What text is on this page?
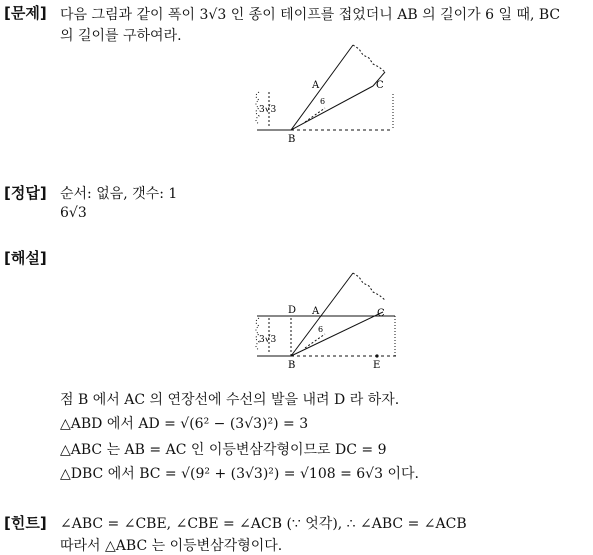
[문제] 다음 그림과 같이 폭이 3√3 인 종이 테이프를 접었더니 AB 의 길이가 6 일 때, BC
의 길이를 구하여라.
A	C
B
6
3√3
[정답] 순서: 없음, 갯수: 1
6√3
[해설]
D A	C
B	E
6
3√3
점 B 에서 AC 의 연장선에 수선의 발을 내려 D 라 하자.
△ABD 에서 AD = √(6² − (3√3)²) = 3
△ABC 는 AB = AC 인 이등변삼각형이므로 DC = 9
△DBC 에서 BC = √(9² + (3√3)²) = √108 = 6√3 이다.
[힌트] ∠ABC = ∠CBE, ∠CBE = ∠ACB (∵ 엇각), ∴ ∠ABC = ∠ACB
따라서 △ABC 는 이등변삼각형이다.
